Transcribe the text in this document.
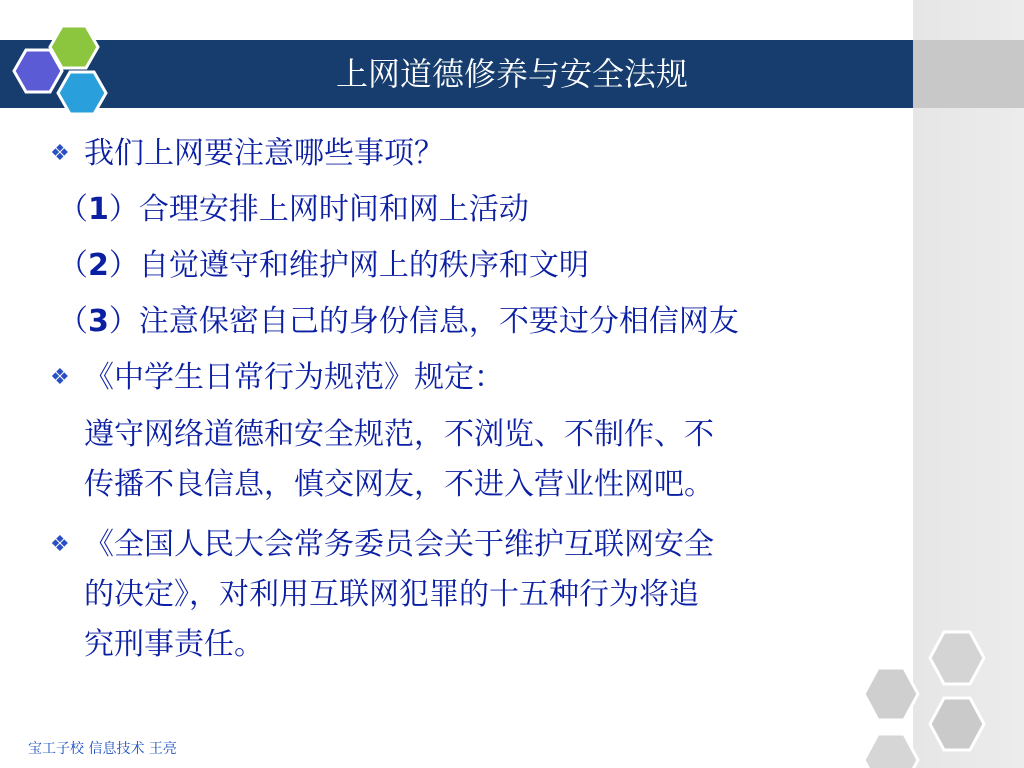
上网道德修养与安全法规
❖ 我们上网要注意哪些事项？
（1）合理安排上网时间和网上活动
（2）自觉遵守和维护网上的秩序和文明
（3）注意保密自己的身份信息，不要过分相信网友
❖ 《中学生日常行为规范》规定：
遵守网络道德和安全规范，不浏览、不制作、不
传播不良信息，慎交网友，不进入营业性网吧。
❖ 《全国人民大会常务委员会关于维护互联网安全
的决定》，对利用互联网犯罪的十五种行为将追
究刑事责任。
宝工子校 信息技术 王亮
